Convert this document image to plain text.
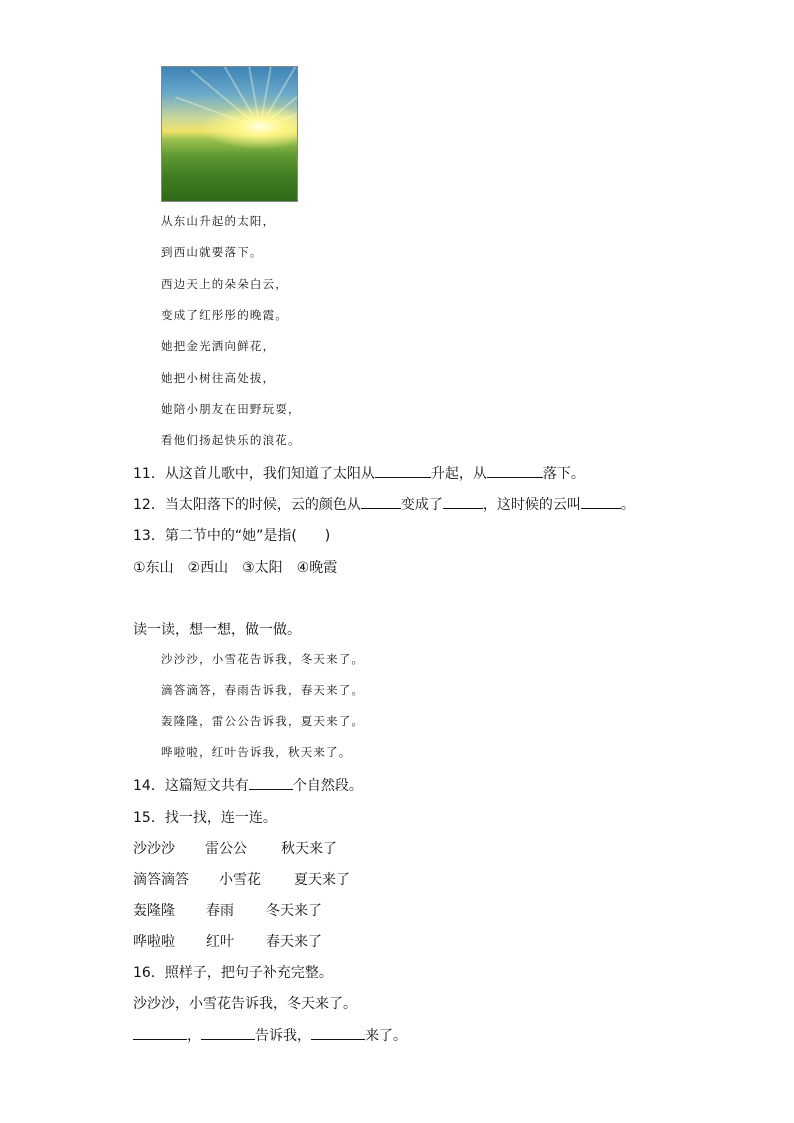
从东山升起的太阳，
到西山就要落下。
西边天上的朵朵白云，
变成了红彤彤的晚霞。
她把金光洒向鲜花，
她把小树往高处拔，
她陪小朋友在田野玩耍，
看他们扬起快乐的浪花。
11．从这首儿歌中，我们知道了太阳从	升起，从	落下。
12．当太阳落下的时候，云的颜色从	变成了	，这时候的云叫	。
13．第二节中的“她”是指(　　)
①东山　②西山　③太阳　④晚霞
读一读，想一想，做一做。
沙沙沙，小雪花告诉我，冬天来了。
滴答滴答，春雨告诉我，春天来了。
轰隆隆，雷公公告诉我，夏天来了。
哗啦啦，红叶告诉我，秋天来了。
14．这篇短文共有	个自然段。
15．找一找，连一连。
沙沙沙 雷公公 秋天来了
滴答滴答 小雪花 夏天来了
轰隆隆 春雨 冬天来了
哗啦啦 红叶 春天来了
16．照样子，把句子补充完整。
沙沙沙，小雪花告诉我，冬天来了。
，	告诉我，	来了。
